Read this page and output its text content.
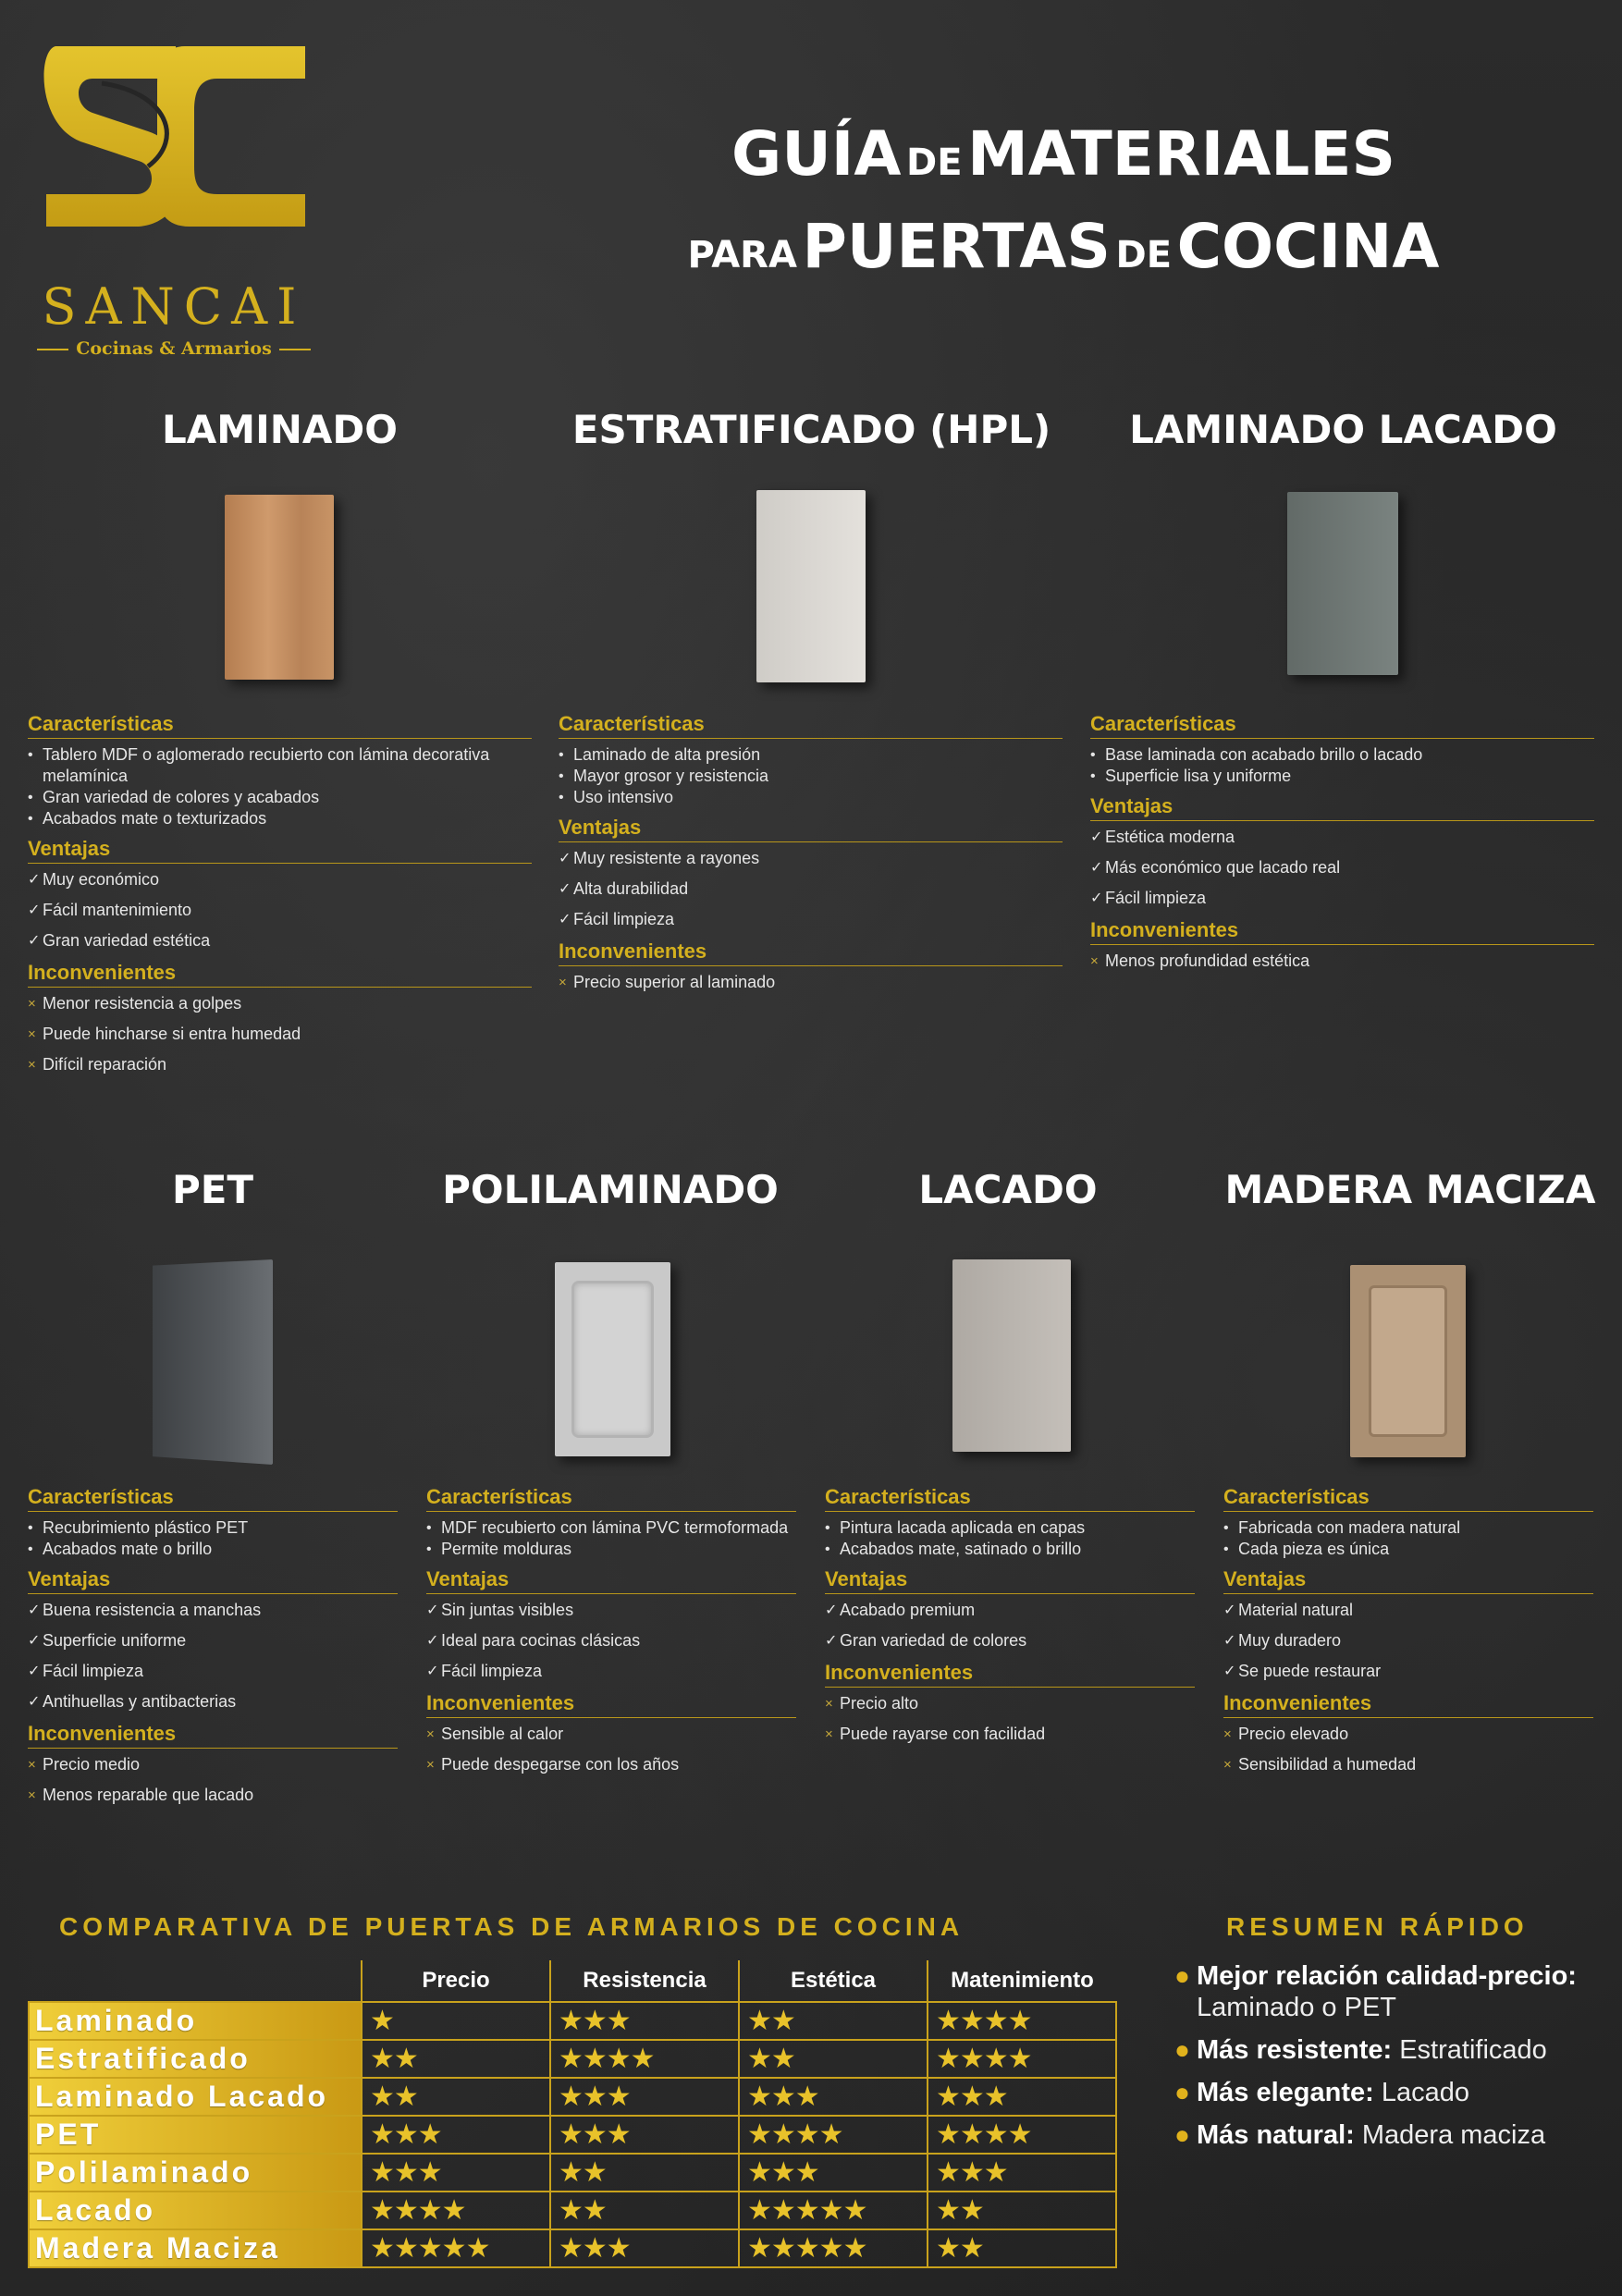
SANCAI
Cocinas & Armarios
GUÍA DE MATERIALES
PARA PUERTAS DE COCINA
LAMINADO	ESTRATIFICADO (HPL)	LAMINADO LACADO
Características
• Tablero MDF o aglomerado recubierto con lámina decorativa melamínica
• Gran variedad de colores y acabados
• Acabados mate o texturizados
Ventajas
✓ Muy económico
✓ Fácil mantenimiento
✓ Gran variedad estética
Inconvenientes
× Menor resistencia a golpes
× Puede hincharse si entra humedad
× Difícil reparación
Características
• Laminado de alta presión
• Mayor grosor y resistencia
• Uso intensivo
Ventajas
✓ Muy resistente a rayones
✓ Alta durabilidad
✓ Fácil limpieza
Inconvenientes
× Precio superior al laminado
Características
• Base laminada con acabado brillo o lacado
• Superficie lisa y uniforme
Ventajas
✓ Estética moderna
✓ Más económico que lacado real
✓ Fácil limpieza
Inconvenientes
× Menos profundidad estética
PET	POLILAMINADO	LACADO	MADERA MACIZA
Características
• Recubrimiento plástico PET
• Acabados mate o brillo
Ventajas
✓ Buena resistencia a manchas
✓ Superficie uniforme
✓ Fácil limpieza
✓ Antihuellas y antibacterias
Inconvenientes
× Precio medio
× Menos reparable que lacado
Características
• MDF recubierto con lámina PVC termoformada
• Permite molduras
Ventajas
✓ Sin juntas visibles
✓ Ideal para cocinas clásicas
✓ Fácil limpieza
Inconvenientes
× Sensible al calor
× Puede despegarse con los años
Características
• Pintura lacada aplicada en capas
• Acabados mate, satinado o brillo
Ventajas
✓ Acabado premium
✓ Gran variedad de colores
Inconvenientes
× Precio alto
× Puede rayarse con facilidad
Características
• Fabricada con madera natural
• Cada pieza es única
Ventajas
✓ Material natural
✓ Muy duradero
✓ Se puede restaurar
Inconvenientes
× Precio elevado
× Sensibilidad a humedad
COMPARATIVA DE PUERTAS DE ARMARIOS DE COCINA
	Precio	Resistencia	Estética	Matenimiento
Laminado	★	★★★	★★	★★★★
Estratificado	★★	★★★★	★★	★★★★
Laminado Lacado	★★	★★★	★★★	★★★
PET	★★★	★★★	★★★★	★★★★
Polilaminado	★★★	★★	★★★	★★★
Lacado	★★★★	★★	★★★★★	★★
Madera Maciza	★★★★★	★★★	★★★★★	★★
RESUMEN RÁPIDO
● Mejor relación calidad-precio:
Laminado o PET
● Más resistente: Estratificado
● Más elegante: Lacado
● Más natural: Madera maciza
